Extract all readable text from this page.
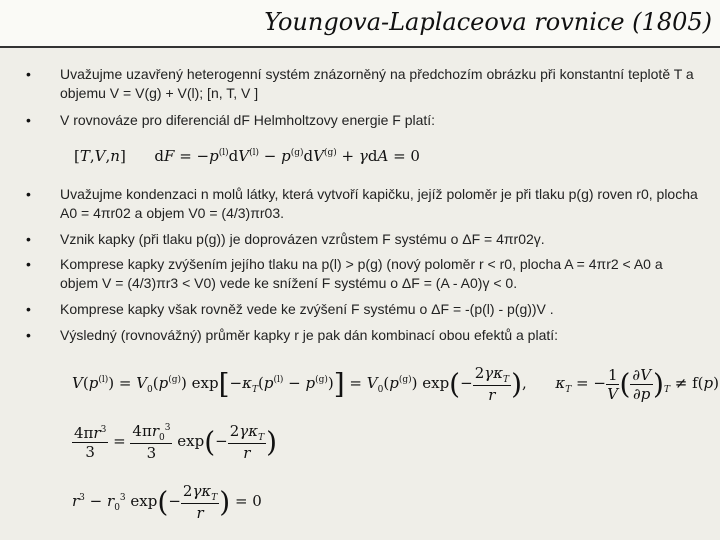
Youngova-Laplaceova rovnice (1805)
• Uvažujme uzavřený heterogenní systém znázorněný na předchozím obrázku při konstantní teplotě T a objemu V = V(g) + V(l); [n, T, V ]
• V rovnováze pro diferenciál dF Helmholtzovy energie F platí:
[T,V,n]      dF = $-p^{(l)}dV^{(l)} - p^{(g)}dV^{(g)} + \gamma dA = 0$
• Uvažujme kondenzaci n molů látky, která vytvoří kapičku, jejíž poloměr je při tlaku p(g) roven r0, plocha A0 = 4πr02 a objem V0 = (4/3)πr03.
• Vznik kapky (při tlaku p(g)) je doprovázen vzrůstem F systému o ΔF = 4πr02γ.
• Komprese kapky zvýšením jejího tlaku na p(l) > p(g) (nový poloměr r < r0, plocha A = 4πr2 < A0 a objem V = (4/3)πr3 < V0) vede ke snížení F systému o ΔF = (A - A0)γ < 0.
• Komprese kapky však rovněž vede ke zvýšení F systému o ΔF = -(p(l) - p(g))V .
• Výsledný (rovnovážný) průměr kapky r je pak dán kombinací obou efektů a platí:
$V(p^{(l)}) = V_0(p^{(g)}) \exp[-\kappa_T(p^{(l)} - p^{(g)})] = V_0(p^{(g)})$ $\exp(- \frac{2\gamma\kappa_T}{r}$ ),      $\kappa_T$ = − $\frac{1}{V}$ ( $\frac{\partial V}{\partial p} )_T \ne f(p)$
$\frac{4\pi r^3}{3} = \frac{4\pi r_0^3}{3} \exp(- \frac{2\gamma\kappa_T}{r}$ )
$r^3 - r_0^3$ $\exp(- \frac{2\gamma\kappa_T}{r}$ ) = 0
